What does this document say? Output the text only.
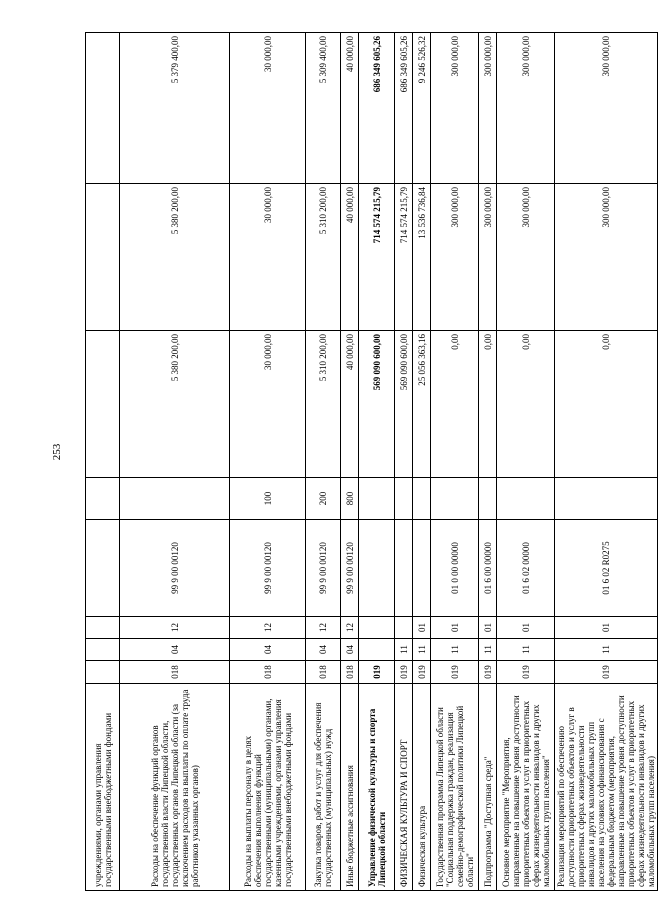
253
учреждениями, органами управления государственными внебюджетными фондами								
Расходы на обеспечение функций органов государственной власти Липецкой области, государственных органов Липецкой области (за исключением расходов на выплаты по оплате труда работников указанных органов)	018	04	12	99 9 00 00120		5 380 200,00	5 380 200,00	5 379 400,00
Расходы на выплаты персоналу в целях обеспечения выполнения функций государственными (муниципальными) органами, казенными учреждениями, органами управления государственными внебюджетными фондами	018	04	12	99 9 00 00120	100	30 000,00	30 000,00	30 000,00
Закупка товаров, работ и услуг для обеспечения государственных (муниципальных) нужд	018	04	12	99 9 00 00120	200	5 310 200,00	5 310 200,00	5 309 400,00
Иные бюджетные ассигнования	018	04	12	99 9 00 00120	800	40 000,00	40 000,00	40 000,00
Управление физической культуры и спорта Липецкой области	019					569 090 600,00	714 574 215,79	686 349 605,26
ФИЗИЧЕСКАЯ КУЛЬТУРА И СПОРТ	019	11				569 090 600,00	714 574 215,79	686 349 605,26
Физическая культура	019	11	01			25 056 363,16	13 536 736,84	9 246 526,32
Государственная программа Липецкой области "Социальная поддержка граждан, реализация семейно-демографической политики Липецкой области"	019	11	01	01 0 00 00000		0,00	300 000,00	300 000,00
Подпрограмма "Доступная среда"	019	11	01	01 6 00 00000		0,00	300 000,00	300 000,00
Основное мероприятие "Мероприятия, направленные на повышение уровня доступности приоритетных объектов и услуг в приоритетных сферах жизнедеятельности инвалидов и других маломобильных групп населения"	019	11	01	01 6 02 00000		0,00	300 000,00	300 000,00
Реализация мероприятий по обеспечению доступности приоритетных объектов и услуг в приоритетных сферах жизнедеятельности инвалидов и других маломобильных групп населения на условиях софинансирования с федеральным бюджетом (мероприятия, направленные на повышение уровня доступности приоритетных объектов и услуг в приоритетных сферах жизнедеятельности инвалидов и других маломобильных групп населения)	019	11	01	01 6 02 R0275		0,00	300 000,00	300 000,00
